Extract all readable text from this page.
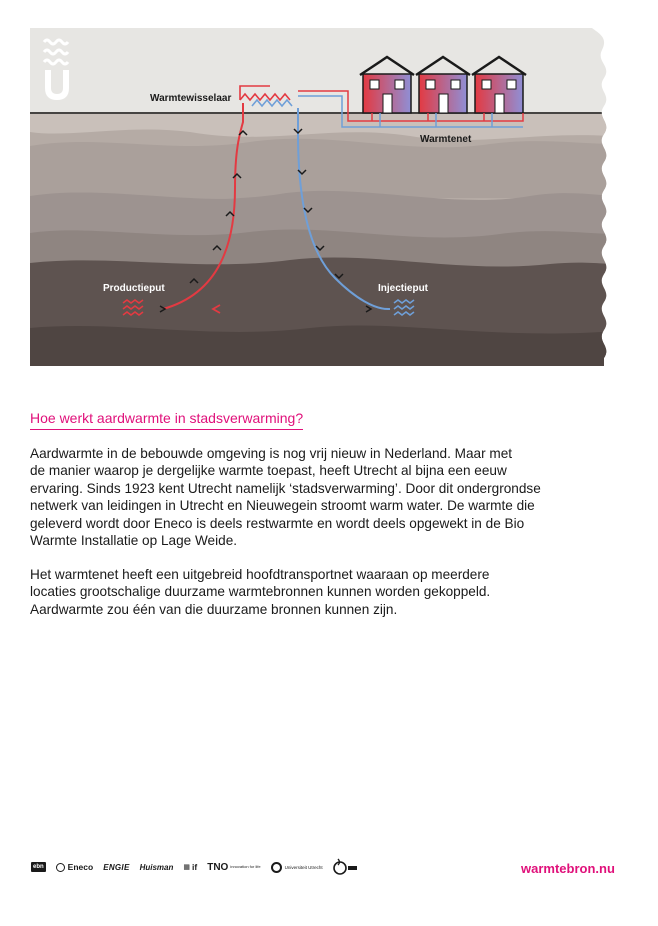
Warmtewisselaar
Warmtenet
Productieput	Injectieput
Hoe werkt aardwarmte in stadsverwarming?

Aardwarmte in de bebouwde omgeving is nog vrij nieuw in Nederland. Maar met
de manier waarop je dergelijke warmte toepast, heeft Utrecht al bijna een eeuw
ervaring. Sinds 1923 kent Utrecht namelijk ‘stadsverwarming’. Door dit ondergrondse
netwerk van leidingen in Utrecht en Nieuwegein stroomt warm water. De warmte die
geleverd wordt door Eneco is deels restwarmte en wordt deels opgewekt in de Bio
Warmte Installatie op Lage Weide.

Het warmtenet heeft een uitgebreid hoofdtransportnet waaraan op meerdere
locaties grootschalige duurzame warmtebronnen kunnen worden gekoppeld.
Aardwarmte zou één van die duurzame bronnen kunnen zijn.

ebn	Eneco ENGIE Huisman ▦ if TNO innovation for life	Universiteit Utrecht	warmtebron.nu
